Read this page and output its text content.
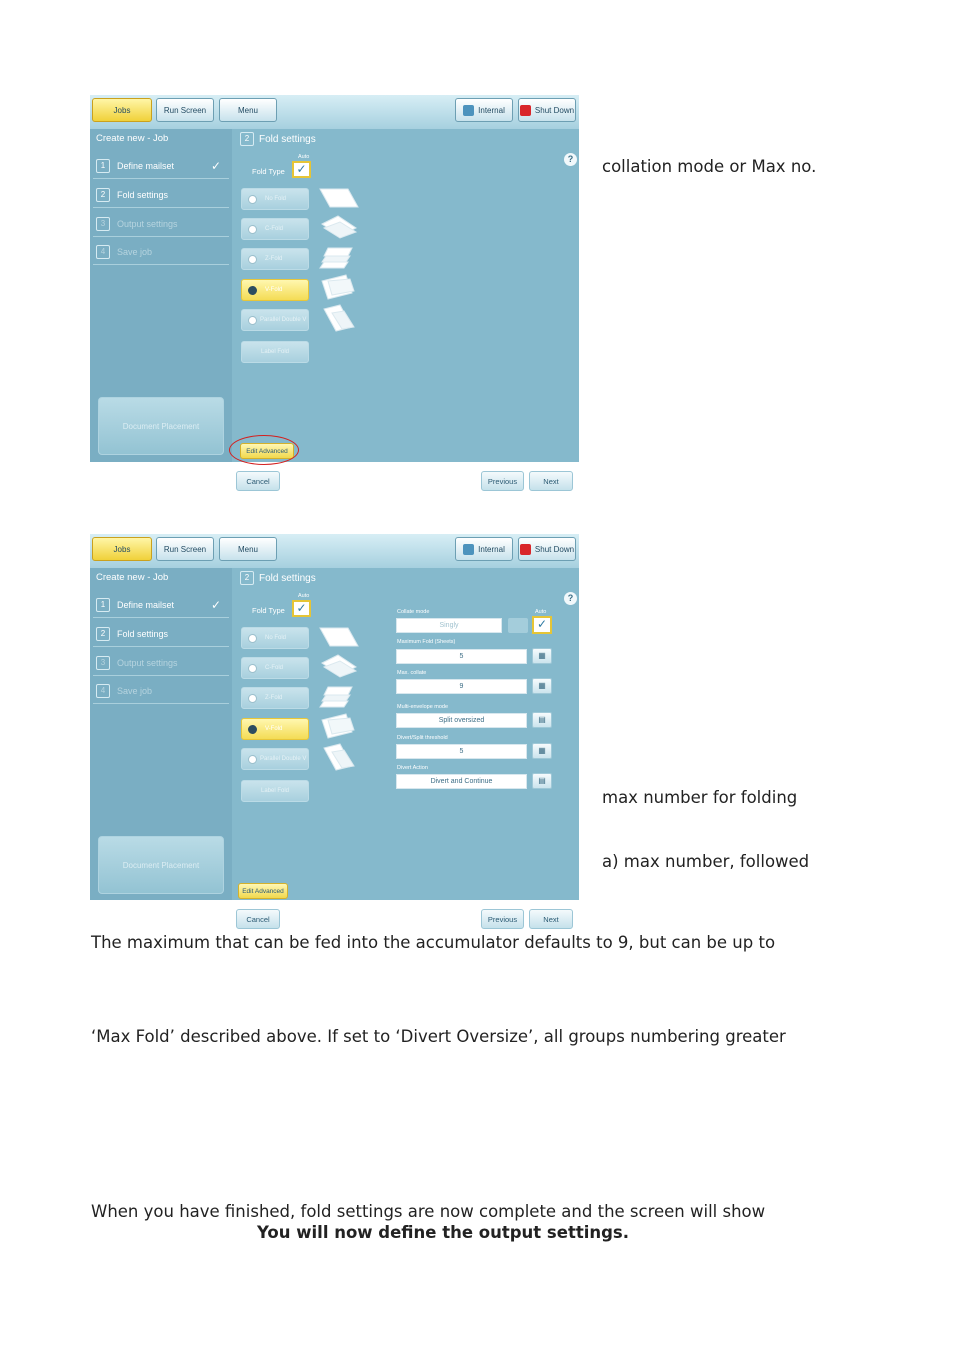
Jobs	Run Screen	Menu	Internal	Shut Down
Create new - Job
1	Define mailset	✓
2	Fold settings
3	Output settings
4	Save job
Document Placement
2 Fold settings
?
Auto
Fold Type ✓
No Fold
C-Fold
Z-Fold
V-Fold
Parallel Double V
Label Fold
Edit Advanced
Cancel	Previous	Next
Jobs	Run Screen	Menu	Internal	Shut Down
Create new - Job
1	Define mailset	✓
2	Fold settings
3	Output settings
4	Save job
Document Placement
2 Fold settings
?
Auto
Fold Type ✓
No Fold
C-Fold
Z-Fold
V-Fold
Parallel Double V
Label Fold
Collate mode	Auto
Singly	✓
Maximum Fold (Sheets)
5	▦
Max. collate
9	▦
Multi-envelope mode
Split oversized	▤
Divert/Split threshold
5	▦
Divert Action
Divert and Continue	▤
Edit Advanced
Cancel	Previous	Next
collation mode or Max no.
max number for folding
a) max number, followed
The maximum that can be fed into the accumulator defaults to 9, but can be up to
‘Max Fold’ described above. If set to ‘Divert Oversize’, all groups numbering greater
When you have finished, fold settings are now complete and the screen will show
You will now define the output settings.
